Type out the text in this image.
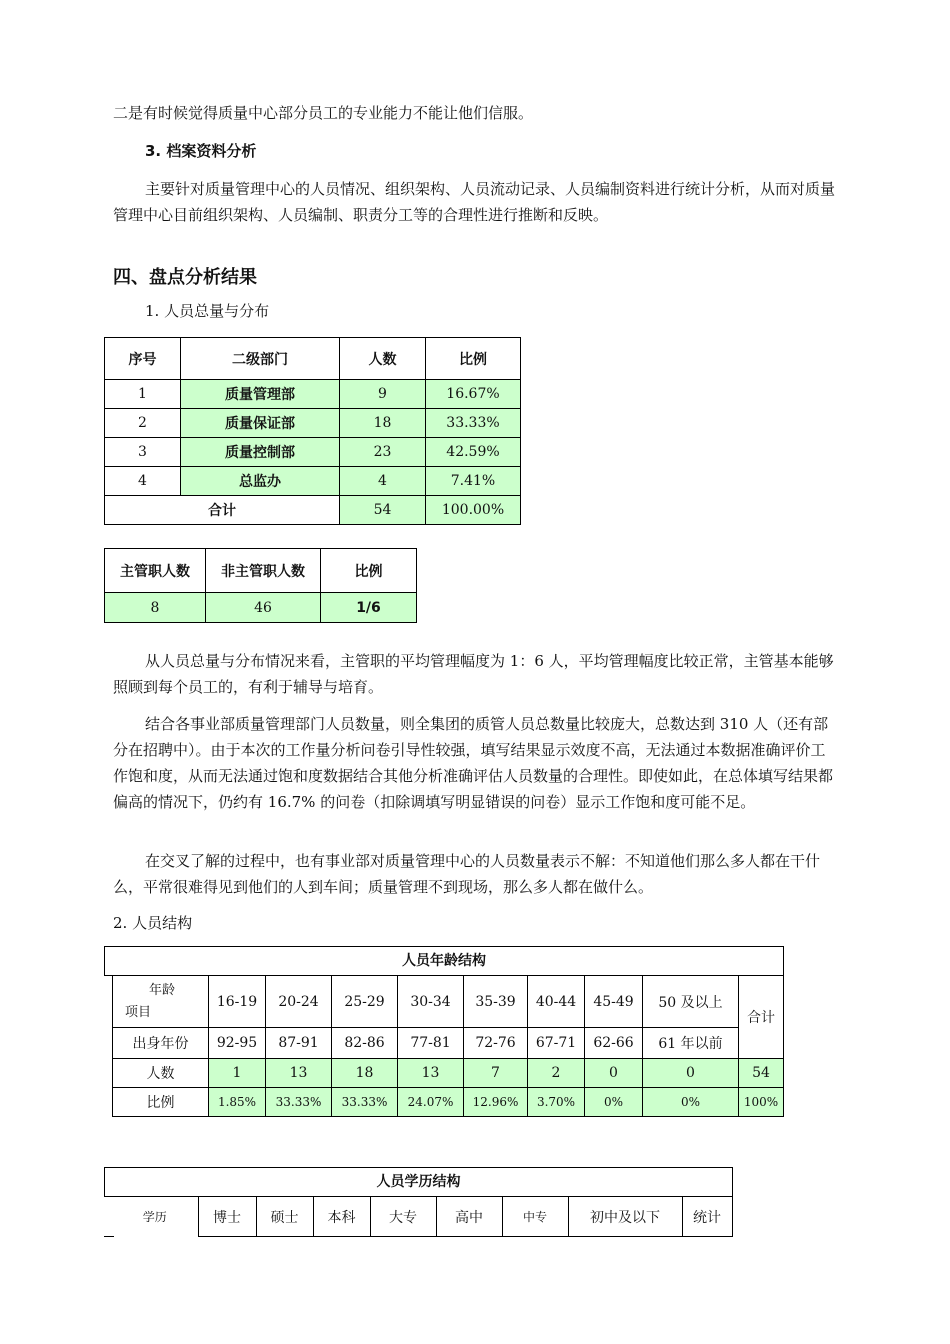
二是有时候觉得质量中心部分员工的专业能力不能让他们信服。

3. 档案资料分析

主要针对质量管理中心的人员情况、组织架构、人员流动记录、人员编制资料进行统计分析，从而对质量管理中心目前组织架构、人员编制、职责分工等的合理性进行推断和反映。

四、盘点分析结果
1. 人员总量与分布
序号	二级部门	人数	比例
1	质量管理部	9	16.67%
2	质量保证部	18	33.33%
3	质量控制部	23	42.59%
4	总监办	4	7.41%
合计		54	100.00%
主管职人数	非主管职人数	比例
8	46	1/6

从人员总量与分布情况来看，主管职的平均管理幅度为 1：6 人，平均管理幅度比较正常，主管基本能够照顾到每个员工的，有利于辅导与培育。

结合各事业部质量管理部门人员数量，则全集团的质管人员总数量比较庞大，总数达到 310 人（还有部分在招聘中）。由于本次的工作量分析问卷引导性较强，填写结果显示效度不高，无法通过本数据准确评价工作饱和度，从而无法通过饱和度数据结合其他分析准确评估人员数量的合理性。即使如此，在总体填写结果都偏高的情况下，仍约有 16.7% 的问卷（扣除调填写明显错误的问卷）显示工作饱和度可能不足。

在交叉了解的过程中，也有事业部对质量管理中心的人员数量表示不解：不知道他们那么多人都在干什么，平常很难得见到他们的人到车间；质量管理不到现场，那么多人都在做什么。

2. 人员结构
人员年龄结构
年龄
项目	16-19	20-24	25-29	30-34	35-39	40-44	45-49	50 及以上	合计
出身年份	92-95	87-91	82-86	77-81	72-76	67-71	62-66	61 年以前	
人数	1	13	18	13	7	2	0	0	54
比例	1.85%	33.33%	33.33%	24.07%	12.96%	3.70%	0%	0%	100%
人员学历结构
学历	博士	硕士	本科	大专	高中	中专	初中及以下	统计
